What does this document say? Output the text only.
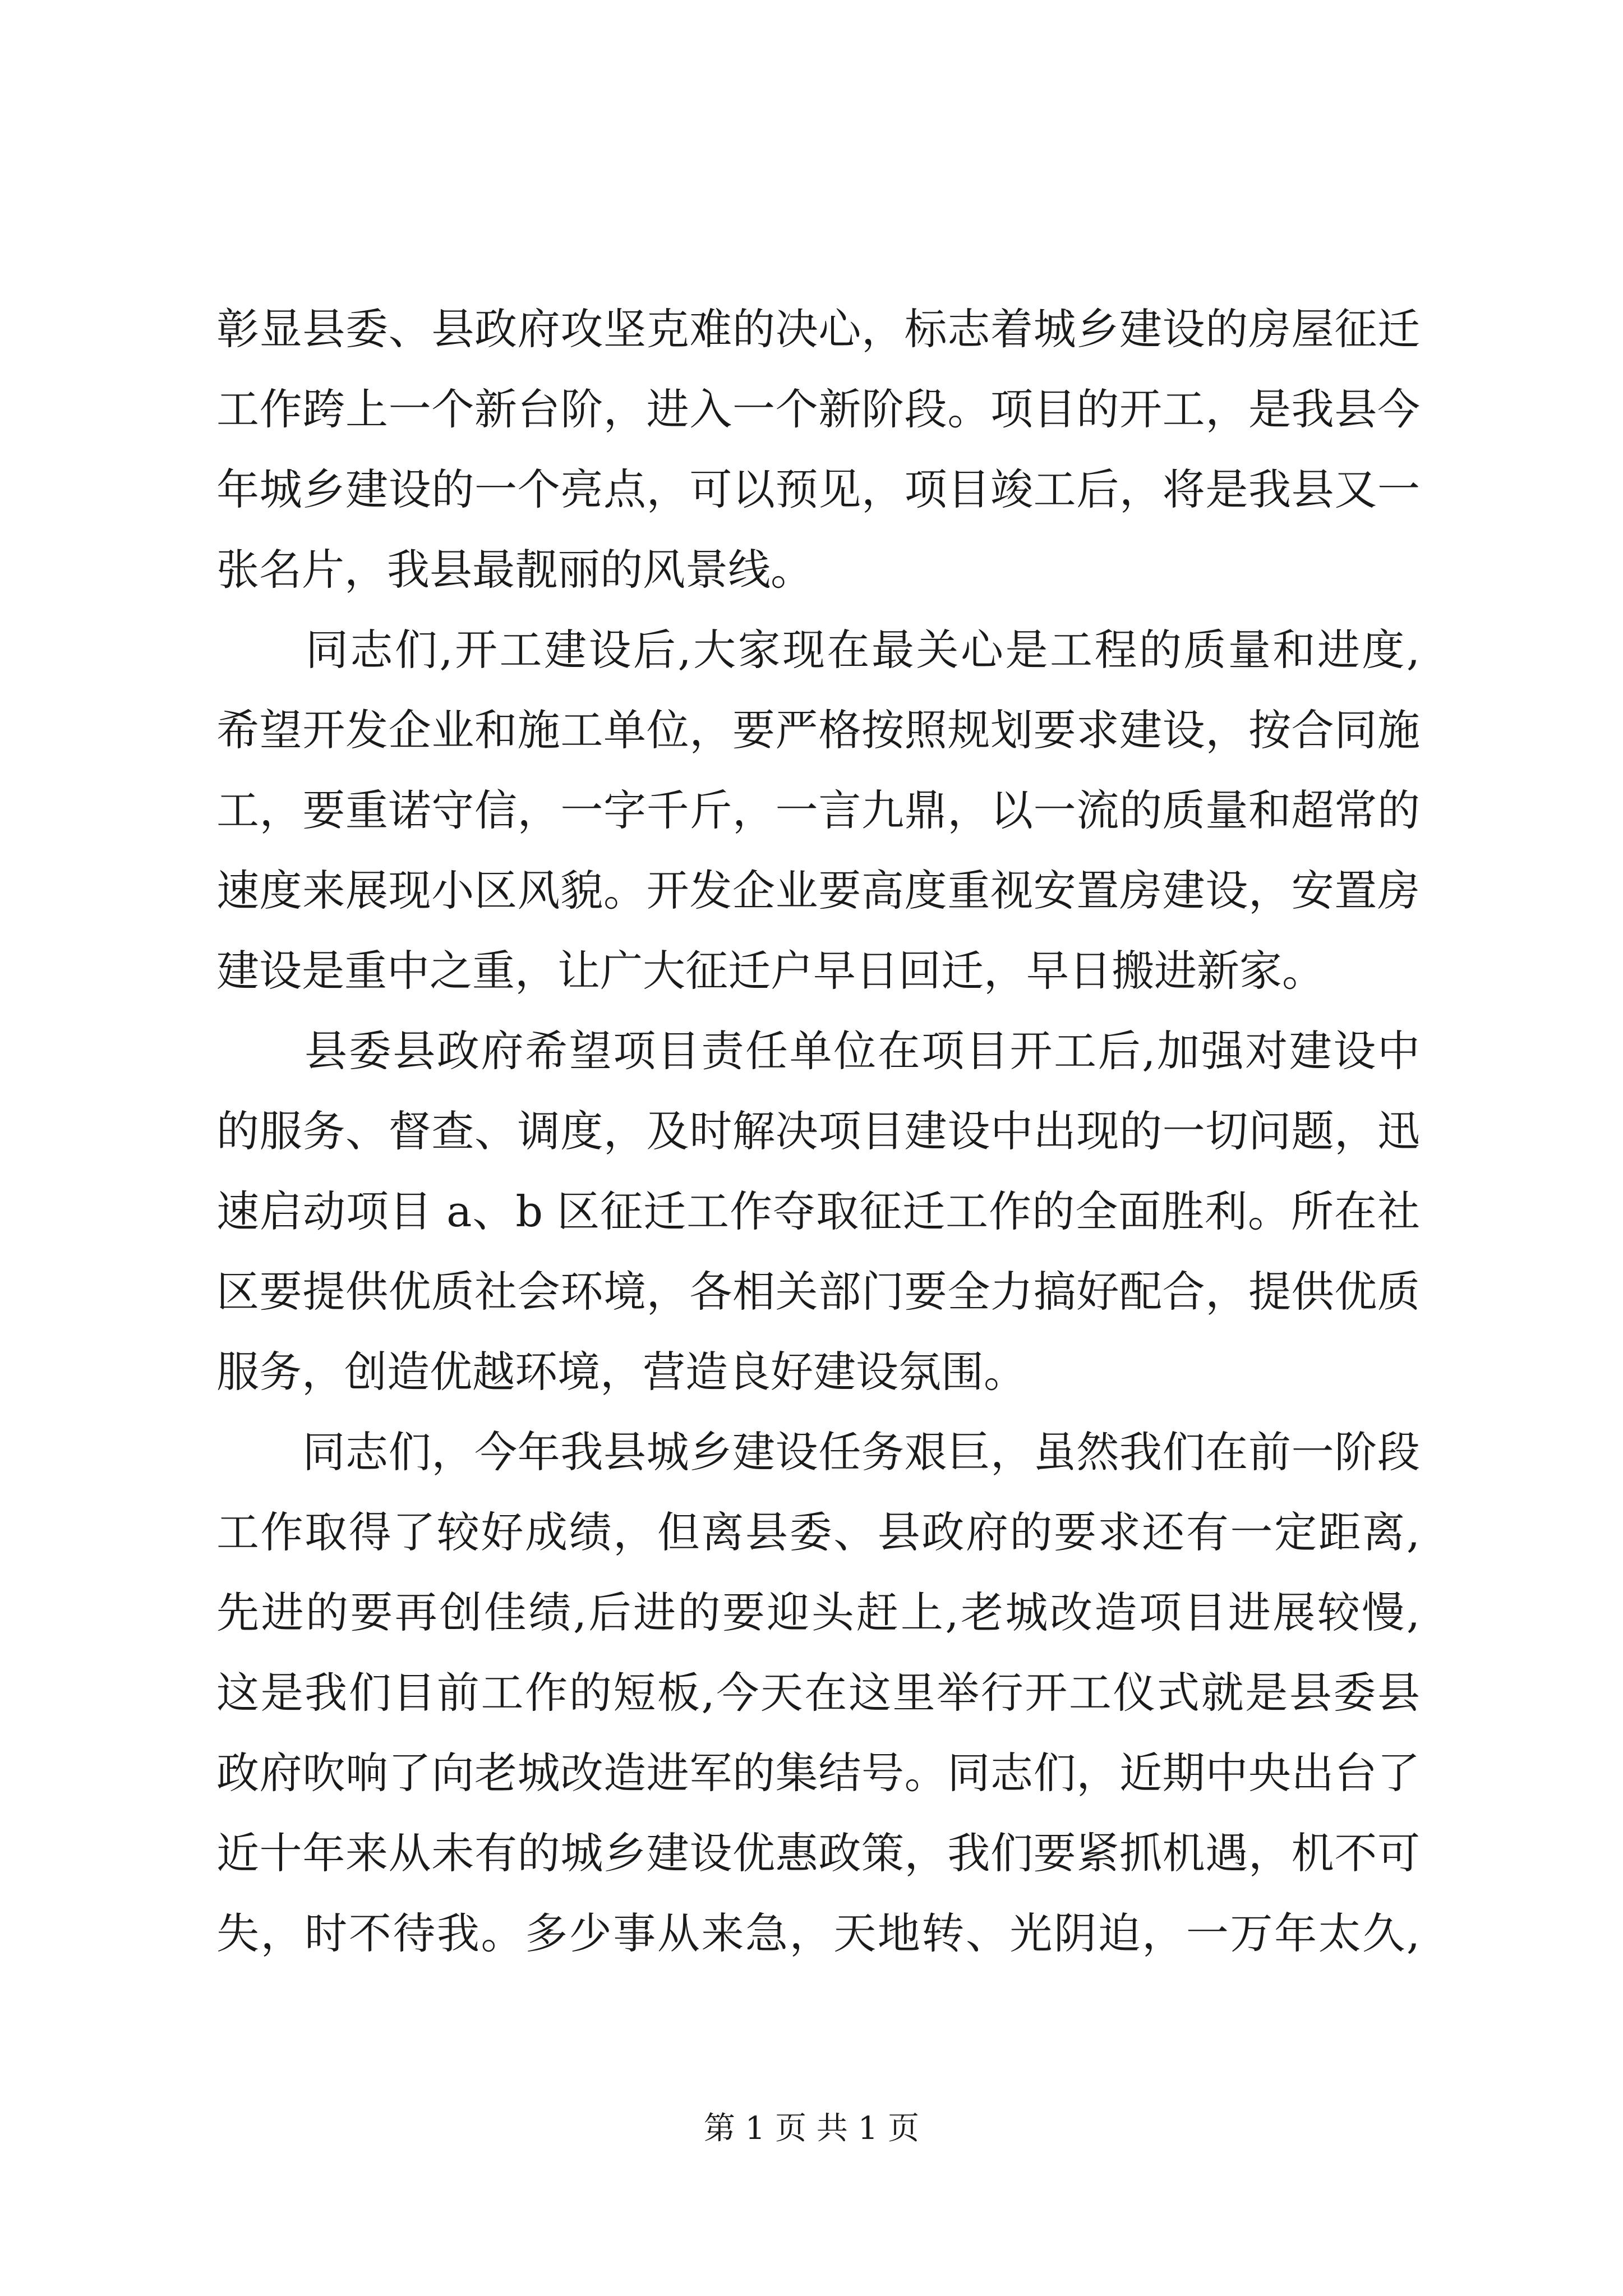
彰显县委、县政府攻坚克难的决心，标志着城乡建设的房屋征迁
工作跨上一个新台阶，进入一个新阶段。项目的开工，是我县今
年城乡建设的一个亮点，可以预见，项目竣工后，将是我县又一
张名片，我县最靓丽的风景线。
　　同志们,开工建设后,大家现在最关心是工程的质量和进度,
希望开发企业和施工单位，要严格按照规划要求建设，按合同施
工，要重诺守信，一字千斤，一言九鼎，以一流的质量和超常的
速度来展现小区风貌。开发企业要高度重视安置房建设，安置房
建设是重中之重，让广大征迁户早日回迁，早日搬进新家。
　　县委县政府希望项目责任单位在项目开工后,加强对建设中
的服务、督查、调度，及时解决项目建设中出现的一切问题，迅
速启动项目 a、b 区征迁工作夺取征迁工作的全面胜利。所在社
区要提供优质社会环境，各相关部门要全力搞好配合，提供优质
服务，创造优越环境，营造良好建设氛围。
　　同志们，今年我县城乡建设任务艰巨，虽然我们在前一阶段
工作取得了较好成绩，但离县委、县政府的要求还有一定距离,
先进的要再创佳绩,后进的要迎头赶上,老城改造项目进展较慢,
这是我们目前工作的短板,今天在这里举行开工仪式就是县委县
政府吹响了向老城改造进军的集结号。同志们，近期中央出台了
近十年来从未有的城乡建设优惠政策，我们要紧抓机遇，机不可
失，时不待我。多少事从来急，天地转、光阴迫，一万年太久,
第 1 页 共 1 页
